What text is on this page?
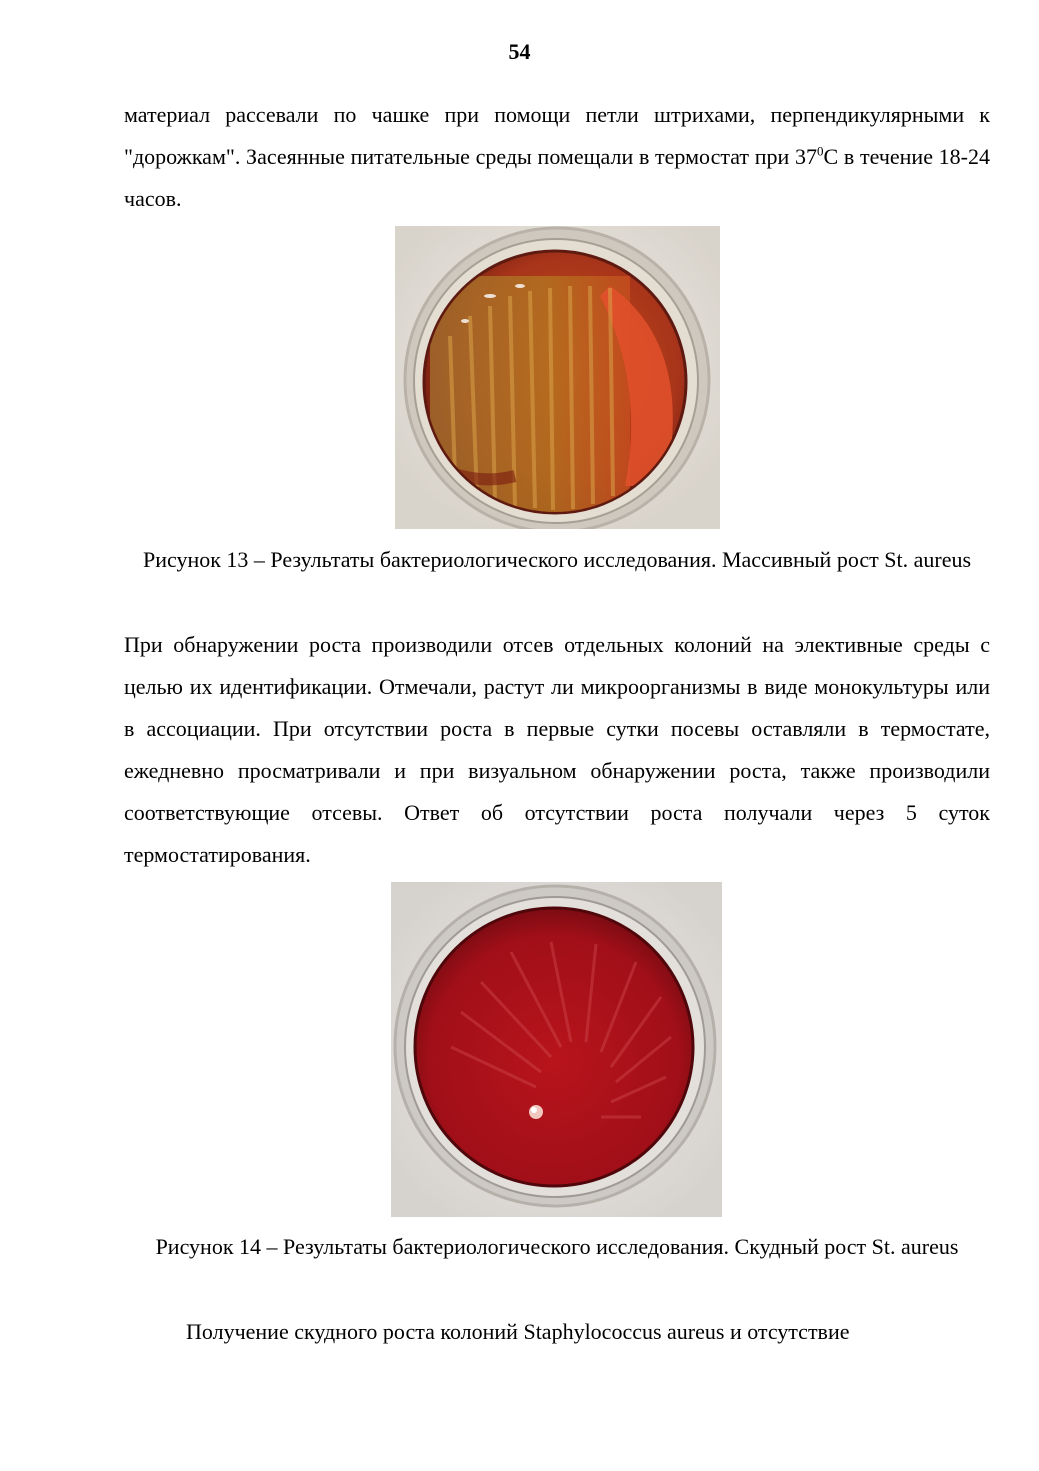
54

материал рассевали по чашке при помощи петли штрихами, перпендикулярными к "дорожкам". Засеянные питательные среды помещали в термостат при $37^0С$ в течение 18-24 часов.

Рисунок 13 – Результаты бактериологического исследования. Массивный рост St. aureus

При обнаружении роста производили отсев отдельных колоний на элективные среды с целью их идентификации. Отмечали, растут ли микроорганизмы в виде монокультуры или в ассоциации. При отсутствии роста в первые сутки посевы оставляли в термостате, ежедневно просматривали и при визуальном обнаружении роста, также производили соответствующие отсевы. Ответ об отсутствии роста получали через 5 суток термостатирования.

Рисунок 14 – Результаты бактериологического исследования. Скудный рост St. aureus

Получение скудного роста колоний Staphylococcus aureus и отсутствие
